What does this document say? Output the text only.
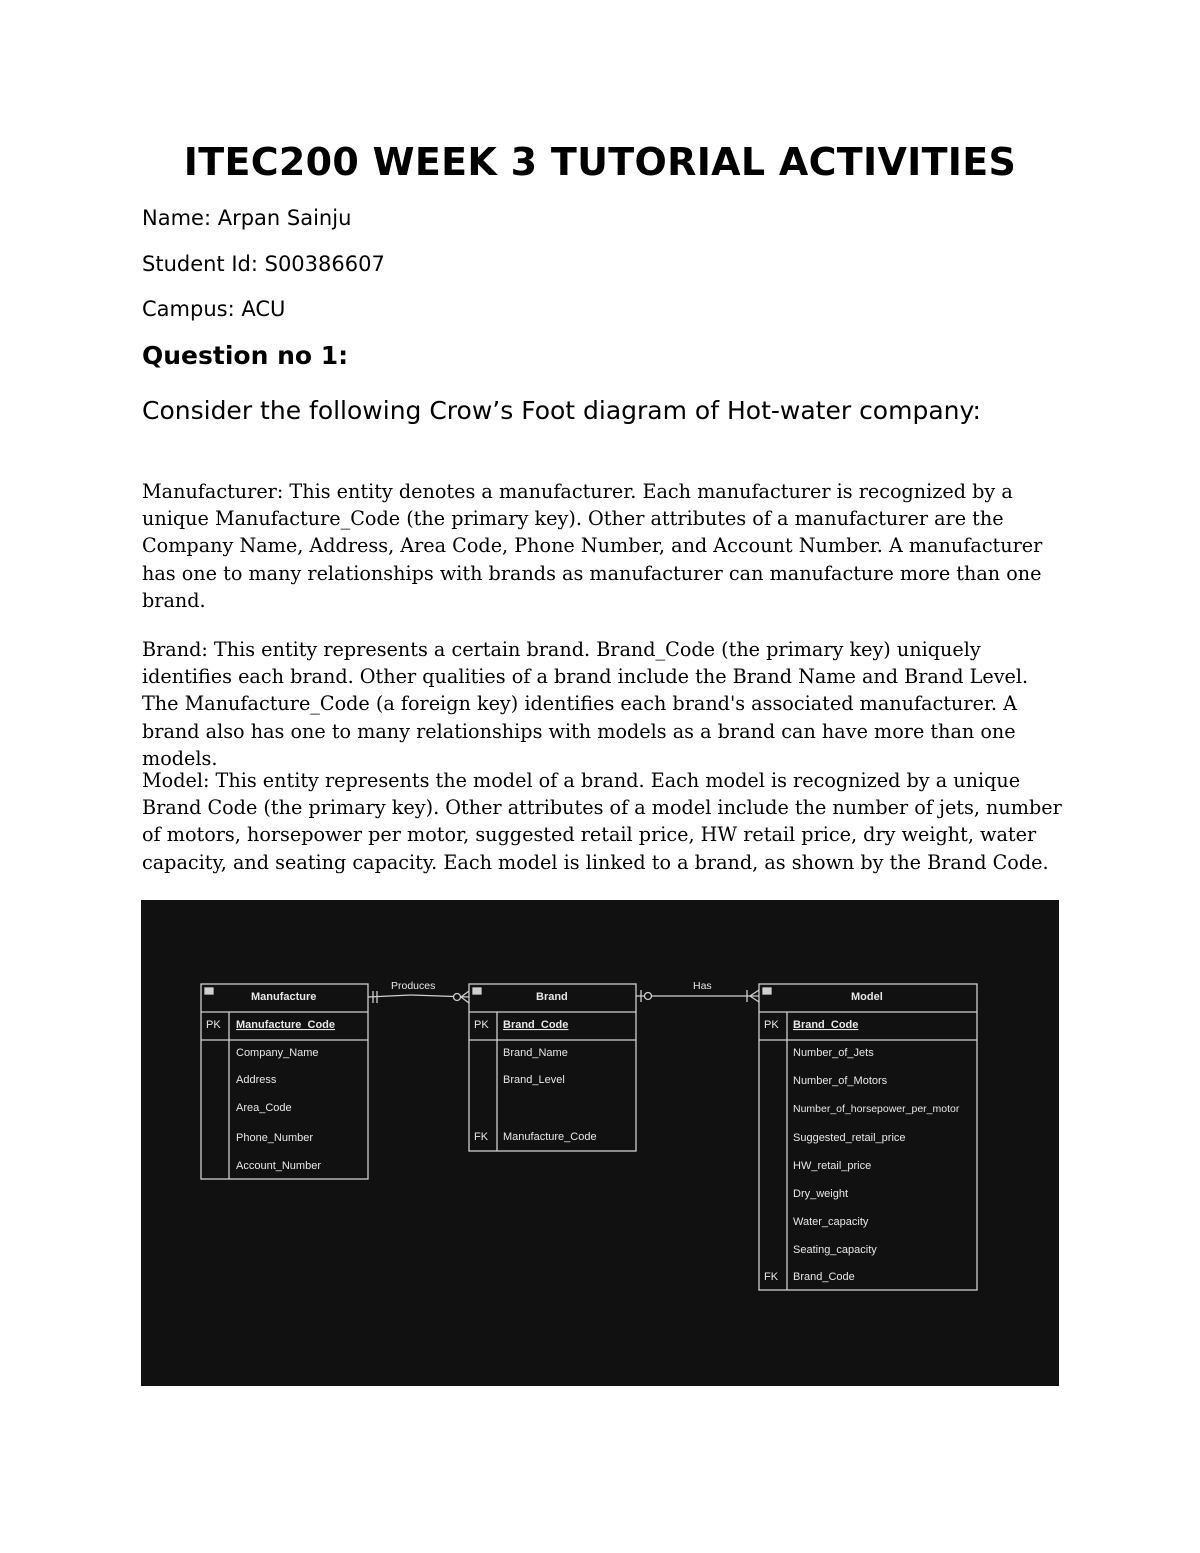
ITEC200 WEEK 3 TUTORIAL ACTIVITIES

Name: Arpan Sainju

Student Id: S00386607

Campus: ACU

Question no 1:
Consider the following Crow’s Foot diagram of Hot-water company:

Manufacturer: This entity denotes a manufacturer. Each manufacturer is recognized by a unique Manufacture_Code (the primary key). Other attributes of a manufacturer are the Company Name, Address, Area Code, Phone Number, and Account Number. A manufacturer has one to many relationships with brands as manufacturer can manufacture more than one brand.

Brand: This entity represents a certain brand. Brand_Code (the primary key) uniquely identifies each brand. Other qualities of a brand include the Brand Name and Brand Level. The Manufacture_Code (a foreign key) identifies each brand's associated manufacturer. A brand also has one to many relationships with models as a brand can have more than one models.

Model: This entity represents the model of a brand. Each model is recognized by a unique Brand Code (the primary key). Other attributes of a model include the number of jets, number of motors, horsepower per motor, suggested retail price, HW retail price, dry weight, water capacity, and seating capacity. Each model is linked to a brand, as shown by the Brand Code.

Produces	Has
Manufacture
PK Manufacture_Code
Company_Name
Address
Area_Code
Phone_Number
Account_Number
Brand
PK Brand_Code
Brand_Name
Brand_Level
FK Manufacture_Code
Model
PK Brand_Code
Number_of_Jets
Number_of_Motors
Number_of_horsepower_per_motor
Suggested_retail_price
HW_retail_price
Dry_weight
Water_capacity
Seating_capacity
FK Brand_Code
